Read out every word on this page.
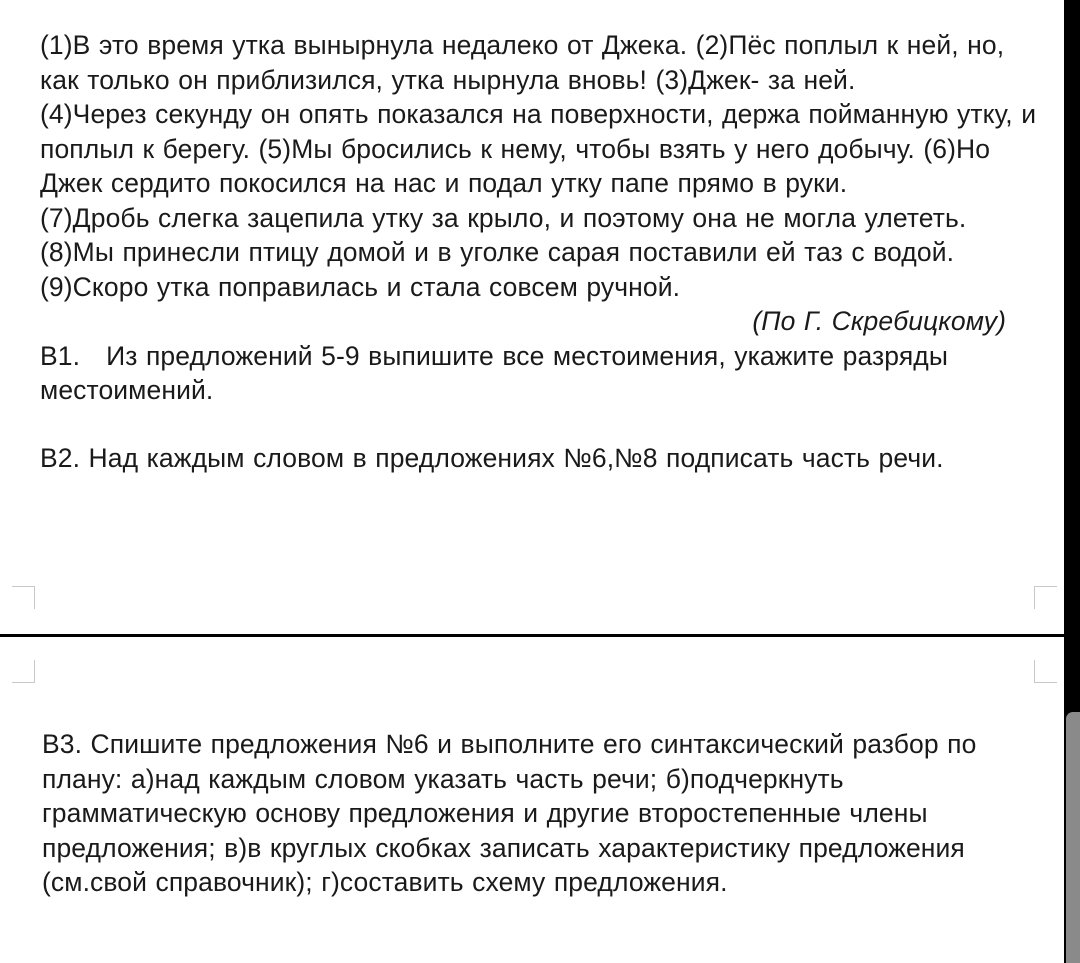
(1)В это время утка вынырнула недалеко от Джека. (2)Пёс поплыл к ней, но, как только он приблизился, утка нырнула вновь! (3)Джек- за ней.

(4)Через секунду он опять показался на поверхности, держа пойманную утку, и поплыл к берегу. (5)Мы бросились к нему, чтобы взять у него добычу. (6)Но Джек сердито покосился на нас и подал утку папе прямо в руки.

(7)Дробь слегка зацепила утку за крыло, и поэтому она не могла улететь. (8)Мы принесли птицу домой и в уголке сарая поставили ей таз с водой. (9)Скоро утка поправилась и стала совсем ручной.

(По Г. Скребицкому)

В1. Из предложений 5-9 выпишите все местоимения, укажите разряды местоимений.

В2. Над каждым словом в предложениях №6,№8 подписать часть речи.

В3. Спишите предложения №6 и выполните его синтаксический разбор по плану: а)над каждым словом указать часть речи; б)подчеркнуть грамматическую основу предложения и другие второстепенные члены предложения; в)в круглых скобках записать характеристику предложения (см.свой справочник); г)составить схему предложения.
